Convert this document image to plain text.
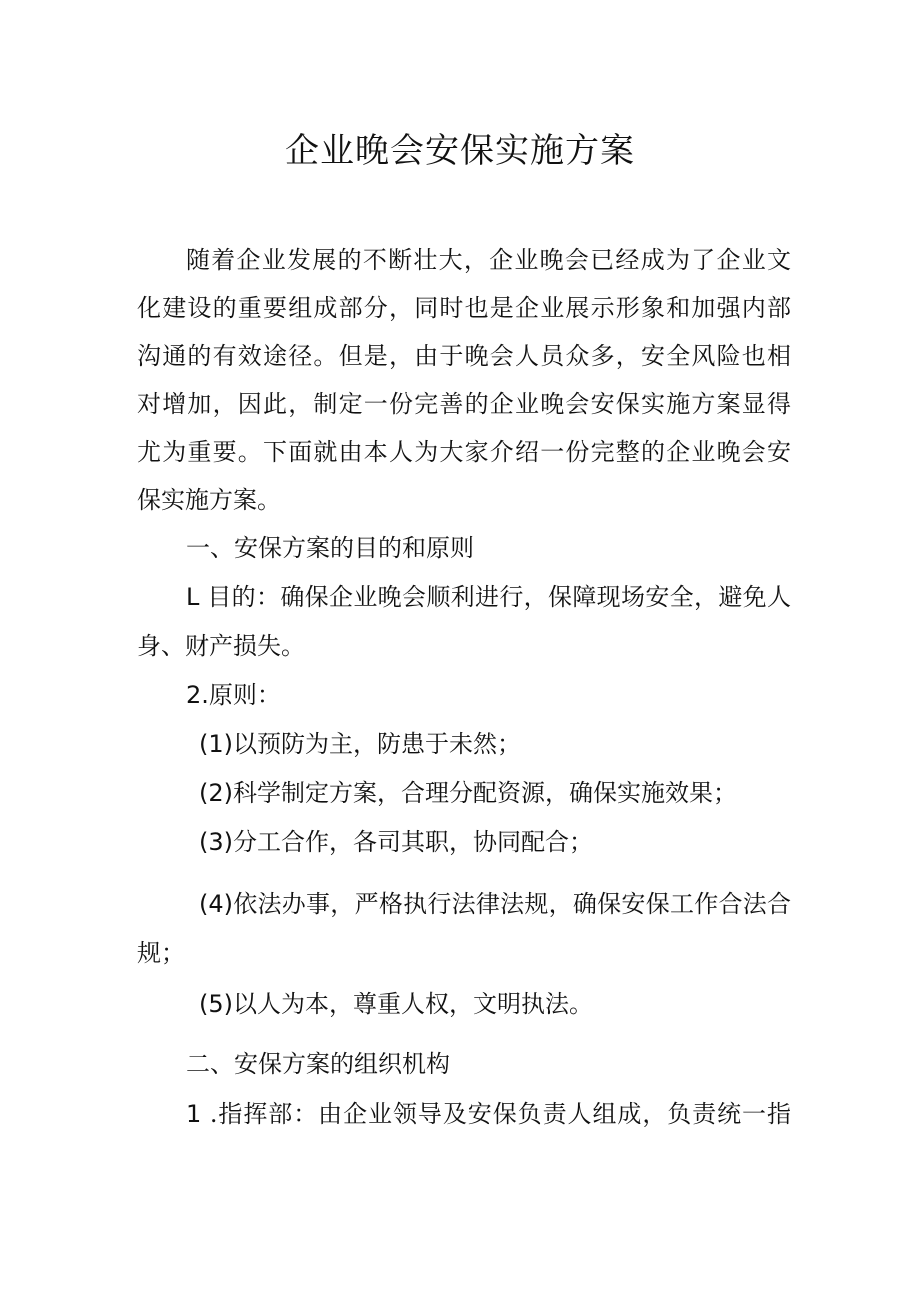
企业晚会安保实施方案
随着企业发展的不断壮大，企业晚会已经成为了企业文
化建设的重要组成部分，同时也是企业展示形象和加强内部
沟通的有效途径。但是，由于晚会人员众多，安全风险也相
对增加，因此，制定一份完善的企业晚会安保实施方案显得
尤为重要。下面就由本人为大家介绍一份完整的企业晚会安
保实施方案。
一、安保方案的目的和原则
L 目的：确保企业晚会顺利进行，保障现场安全，避免人
身、财产损失。
2.原则：
(1)以预防为主，防患于未然；
(2)科学制定方案，合理分配资源，确保实施效果；
(3)分工合作，各司其职，协同配合；
(4)依法办事，严格执行法律法规，确保安保工作合法合
规；
(5)以人为本，尊重人权，文明执法。
二、安保方案的组织机构
1 .指挥部：由企业领导及安保负责人组成，负责统一指
